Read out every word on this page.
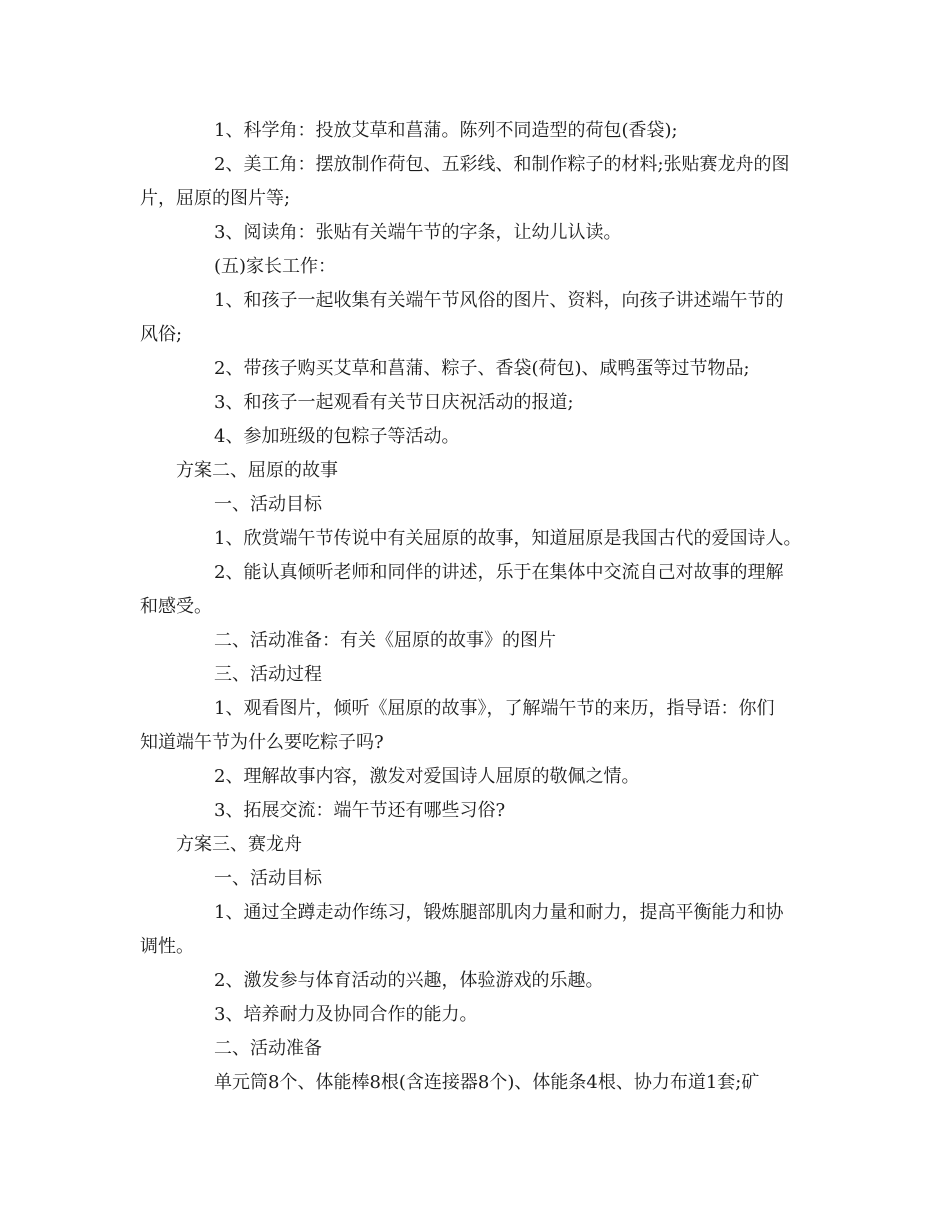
1、科学角：投放艾草和菖蒲。陈列不同造型的荷包(香袋);
2、美工角：摆放制作荷包、五彩线、和制作粽子的材料;张贴赛龙舟的图
片，屈原的图片等;
3、阅读角：张贴有关端午节的字条，让幼儿认读。
(五)家长工作：
1、和孩子一起收集有关端午节风俗的图片、资料，向孩子讲述端午节的
风俗;
2、带孩子购买艾草和菖蒲、粽子、香袋(荷包)、咸鸭蛋等过节物品;
3、和孩子一起观看有关节日庆祝活动的报道;
4、参加班级的包粽子等活动。
方案二、屈原的故事
一、活动目标
1、欣赏端午节传说中有关屈原的故事，知道屈原是我国古代的爱国诗人。
2、能认真倾听老师和同伴的讲述，乐于在集体中交流自己对故事的理解
和感受。
二、活动准备：有关《屈原的故事》的图片
三、活动过程
1、观看图片，倾听《屈原的故事》，了解端午节的来历，指导语：你们
知道端午节为什么要吃粽子吗?
2、理解故事内容，激发对爱国诗人屈原的敬佩之情。
3、拓展交流：端午节还有哪些习俗?
方案三、赛龙舟
一、活动目标
1、通过全蹲走动作练习，锻炼腿部肌肉力量和耐力，提高平衡能力和协
调性。
2、激发参与体育活动的兴趣，体验游戏的乐趣。
3、培养耐力及协同合作的能力。
二、活动准备
单元筒8个、体能棒8根(含连接器8个)、体能条4根、协力布道1套;矿
